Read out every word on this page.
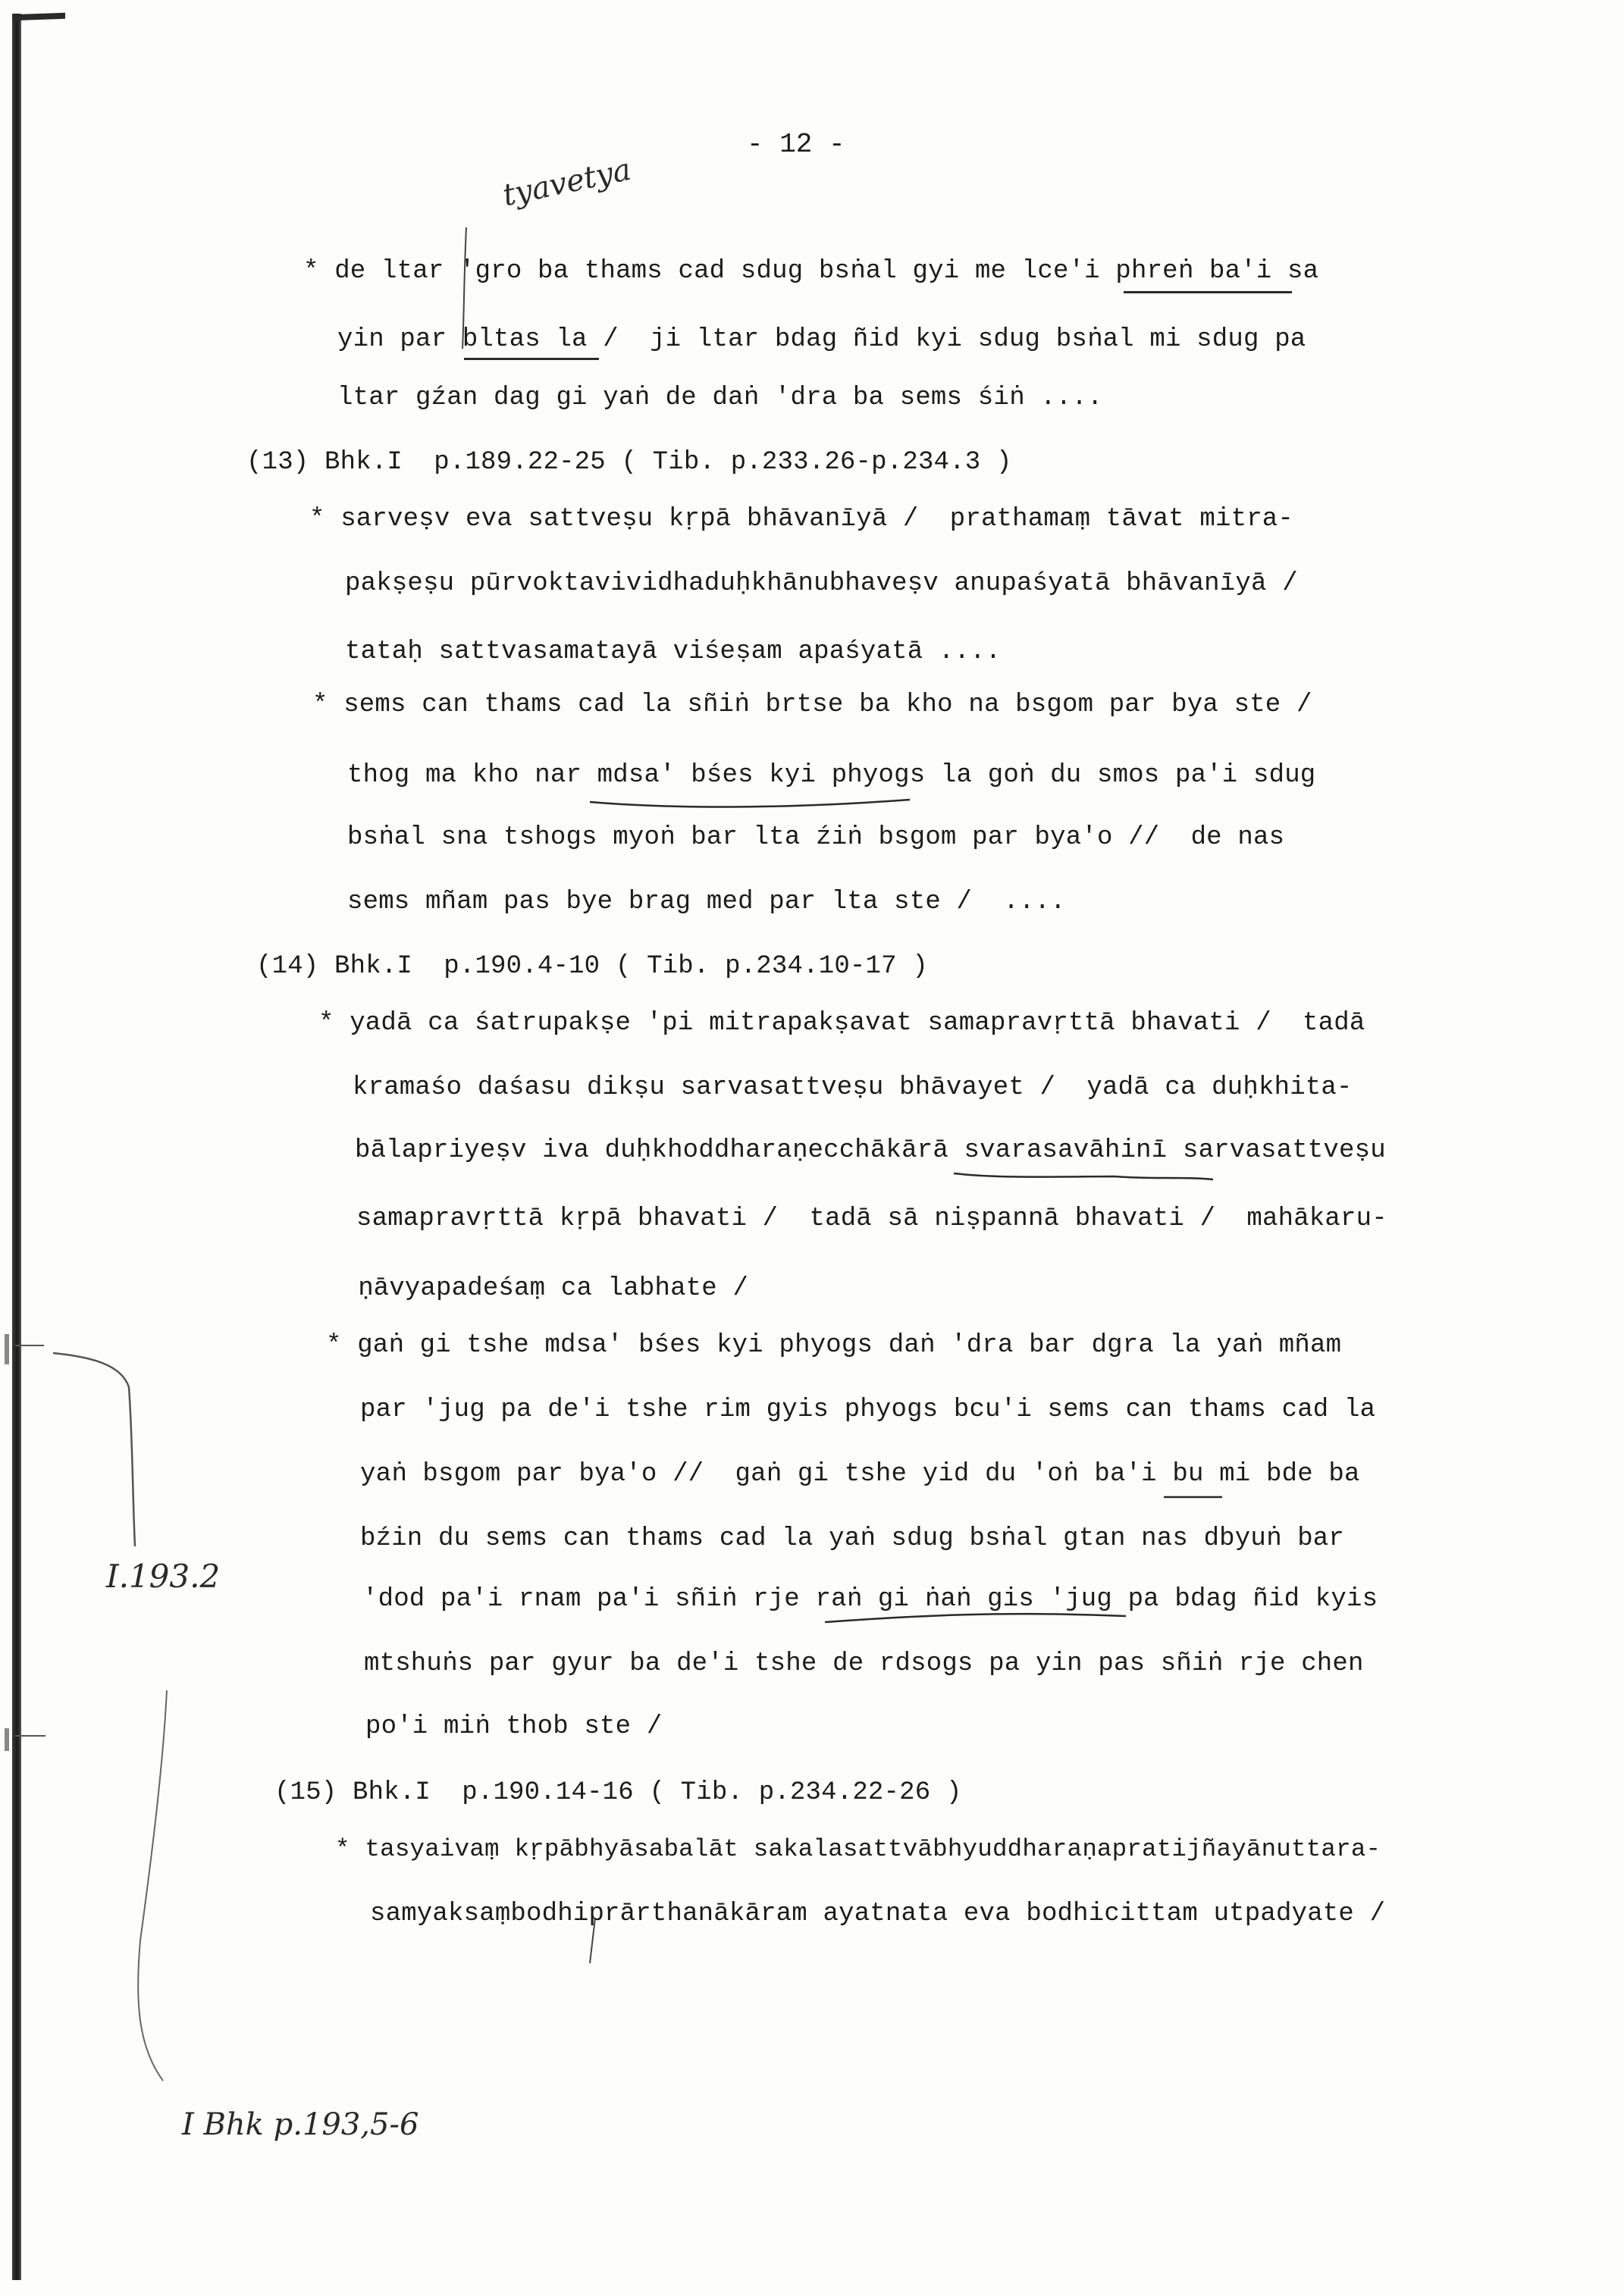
- 12 -
tyavetya
I.193.2
I Bhk p.193,5-6
* de ltar 'gro ba thams cad sdug bsṅal gyi me lce'i phreṅ ba'i sa
yin par bltas la /  ji ltar bdag ñid kyi sdug bsṅal mi sdug pa
ltar gźan dag gi yaṅ de daṅ 'dra ba sems śiṅ ....
(13) Bhk.I  p.189.22-25 ( Tib. p.233.26-p.234.3 )
* sarveṣv eva sattveṣu kṛpā bhāvanīyā /  prathamaṃ tāvat mitra-
pakṣeṣu pūrvoktavividhaduḥkhānubhaveṣv anupaśyatā bhāvanīyā /
tataḥ sattvasamatayā viśeṣam apaśyatā ....
* sems can thams cad la sñiṅ brtse ba kho na bsgom par bya ste /
thog ma kho nar mdsa' bśes kyi phyogs la goṅ du smos pa'i sdug
bsṅal sna tshogs myoṅ bar lta źiṅ bsgom par bya'o //  de nas
sems mñam pas bye brag med par lta ste /  ....
(14) Bhk.I  p.190.4-10 ( Tib. p.234.10-17 )
* yadā ca śatrupakṣe 'pi mitrapakṣavat samapravṛttā bhavati /  tadā
kramaśo daśasu dikṣu sarvasattveṣu bhāvayet /  yadā ca duḥkhita-
bālapriyeṣv iva duḥkhoddharaṇecchākārā svarasavāhinī sarvasattveṣu
samapravṛttā kṛpā bhavati /  tadā sā niṣpannā bhavati /  mahākaru-
ṇāvyapadeśaṃ ca labhate /
* gaṅ gi tshe mdsa' bśes kyi phyogs daṅ 'dra bar dgra la yaṅ mñam
par 'jug pa de'i tshe rim gyis phyogs bcu'i sems can thams cad la
yaṅ bsgom par bya'o //  gaṅ gi tshe yid du 'oṅ ba'i bu mi bde ba
bźin du sems can thams cad la yaṅ sdug bsṅal gtan nas dbyuṅ bar
'dod pa'i rnam pa'i sñiṅ rje raṅ gi ṅaṅ gis 'jug pa bdag ñid kyis
mtshuṅs par gyur ba de'i tshe de rdsogs pa yin pas sñiṅ rje chen
po'i miṅ thob ste /
(15) Bhk.I  p.190.14-16 ( Tib. p.234.22-26 )
* tasyaivaṃ kṛpābhyāsabalāt sakalasattvābhyuddharaṇapratijñayānuttara-
samyaksaṃbodhiprārthanākāram ayatnata eva bodhicittam utpadyate /
